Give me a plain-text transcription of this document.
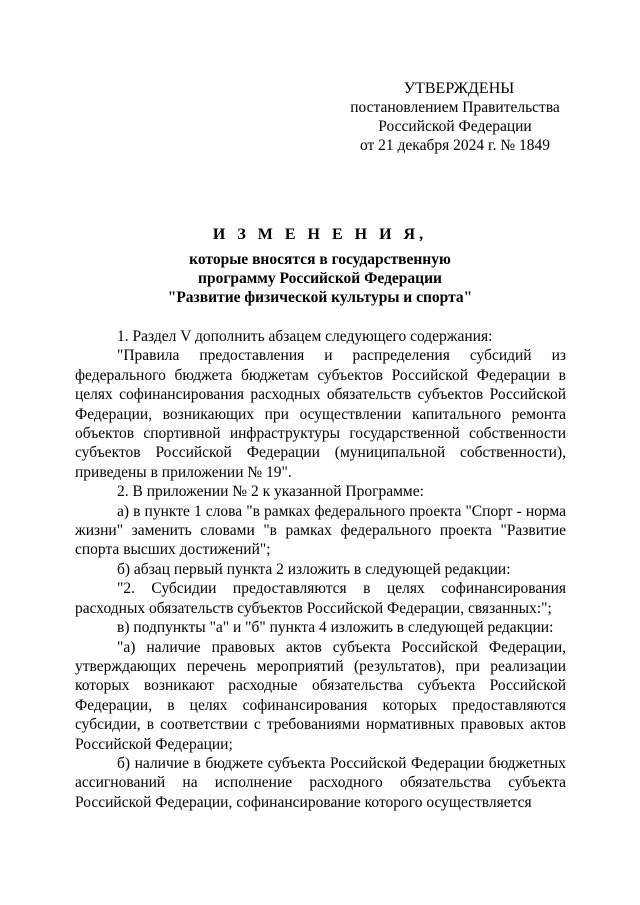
УТВЕРЖДЕНЫ
постановлением Правительства
Российской Федерации
от 21 декабря 2024 г. № 1849
И З М Е Н Е Н И Я,
которые вносятся в государственную
программу Российской Федерации
"Развитие физической культуры и спорта"

1. Раздел V дополнить абзацем следующего содержания:

"Правила предоставления и распределения субсидий из федерального бюджета бюджетам субъектов Российской Федерации в целях софинансирования расходных обязательств субъектов Российской Федерации, возникающих при осуществлении капитального ремонта объектов спортивной инфраструктуры государственной собственности субъектов Российской Федерации (муниципальной собственности), приведены в приложении № 19".

2. В приложении № 2 к указанной Программе:

а) в пункте 1 слова "в рамках федерального проекта "Спорт - норма жизни" заменить словами "в рамках федерального проекта "Развитие спорта высших достижений";

б) абзац первый пункта 2 изложить в следующей редакции:

"2. Субсидии предоставляются в целях софинансирования расходных обязательств субъектов Российской Федерации, связанных:";

в) подпункты "а" и "б" пункта 4 изложить в следующей редакции:

"а) наличие правовых актов субъекта Российской Федерации, утверждающих перечень мероприятий (результатов), при реализации которых возникают расходные обязательства субъекта Российской Федерации, в целях софинансирования которых предоставляются субсидии, в соответствии с требованиями нормативных правовых актов Российской Федерации;

б) наличие в бюджете субъекта Российской Федерации бюджетных ассигнований на исполнение расходного обязательства субъекта Российской Федерации, софинансирование которого осуществляется
